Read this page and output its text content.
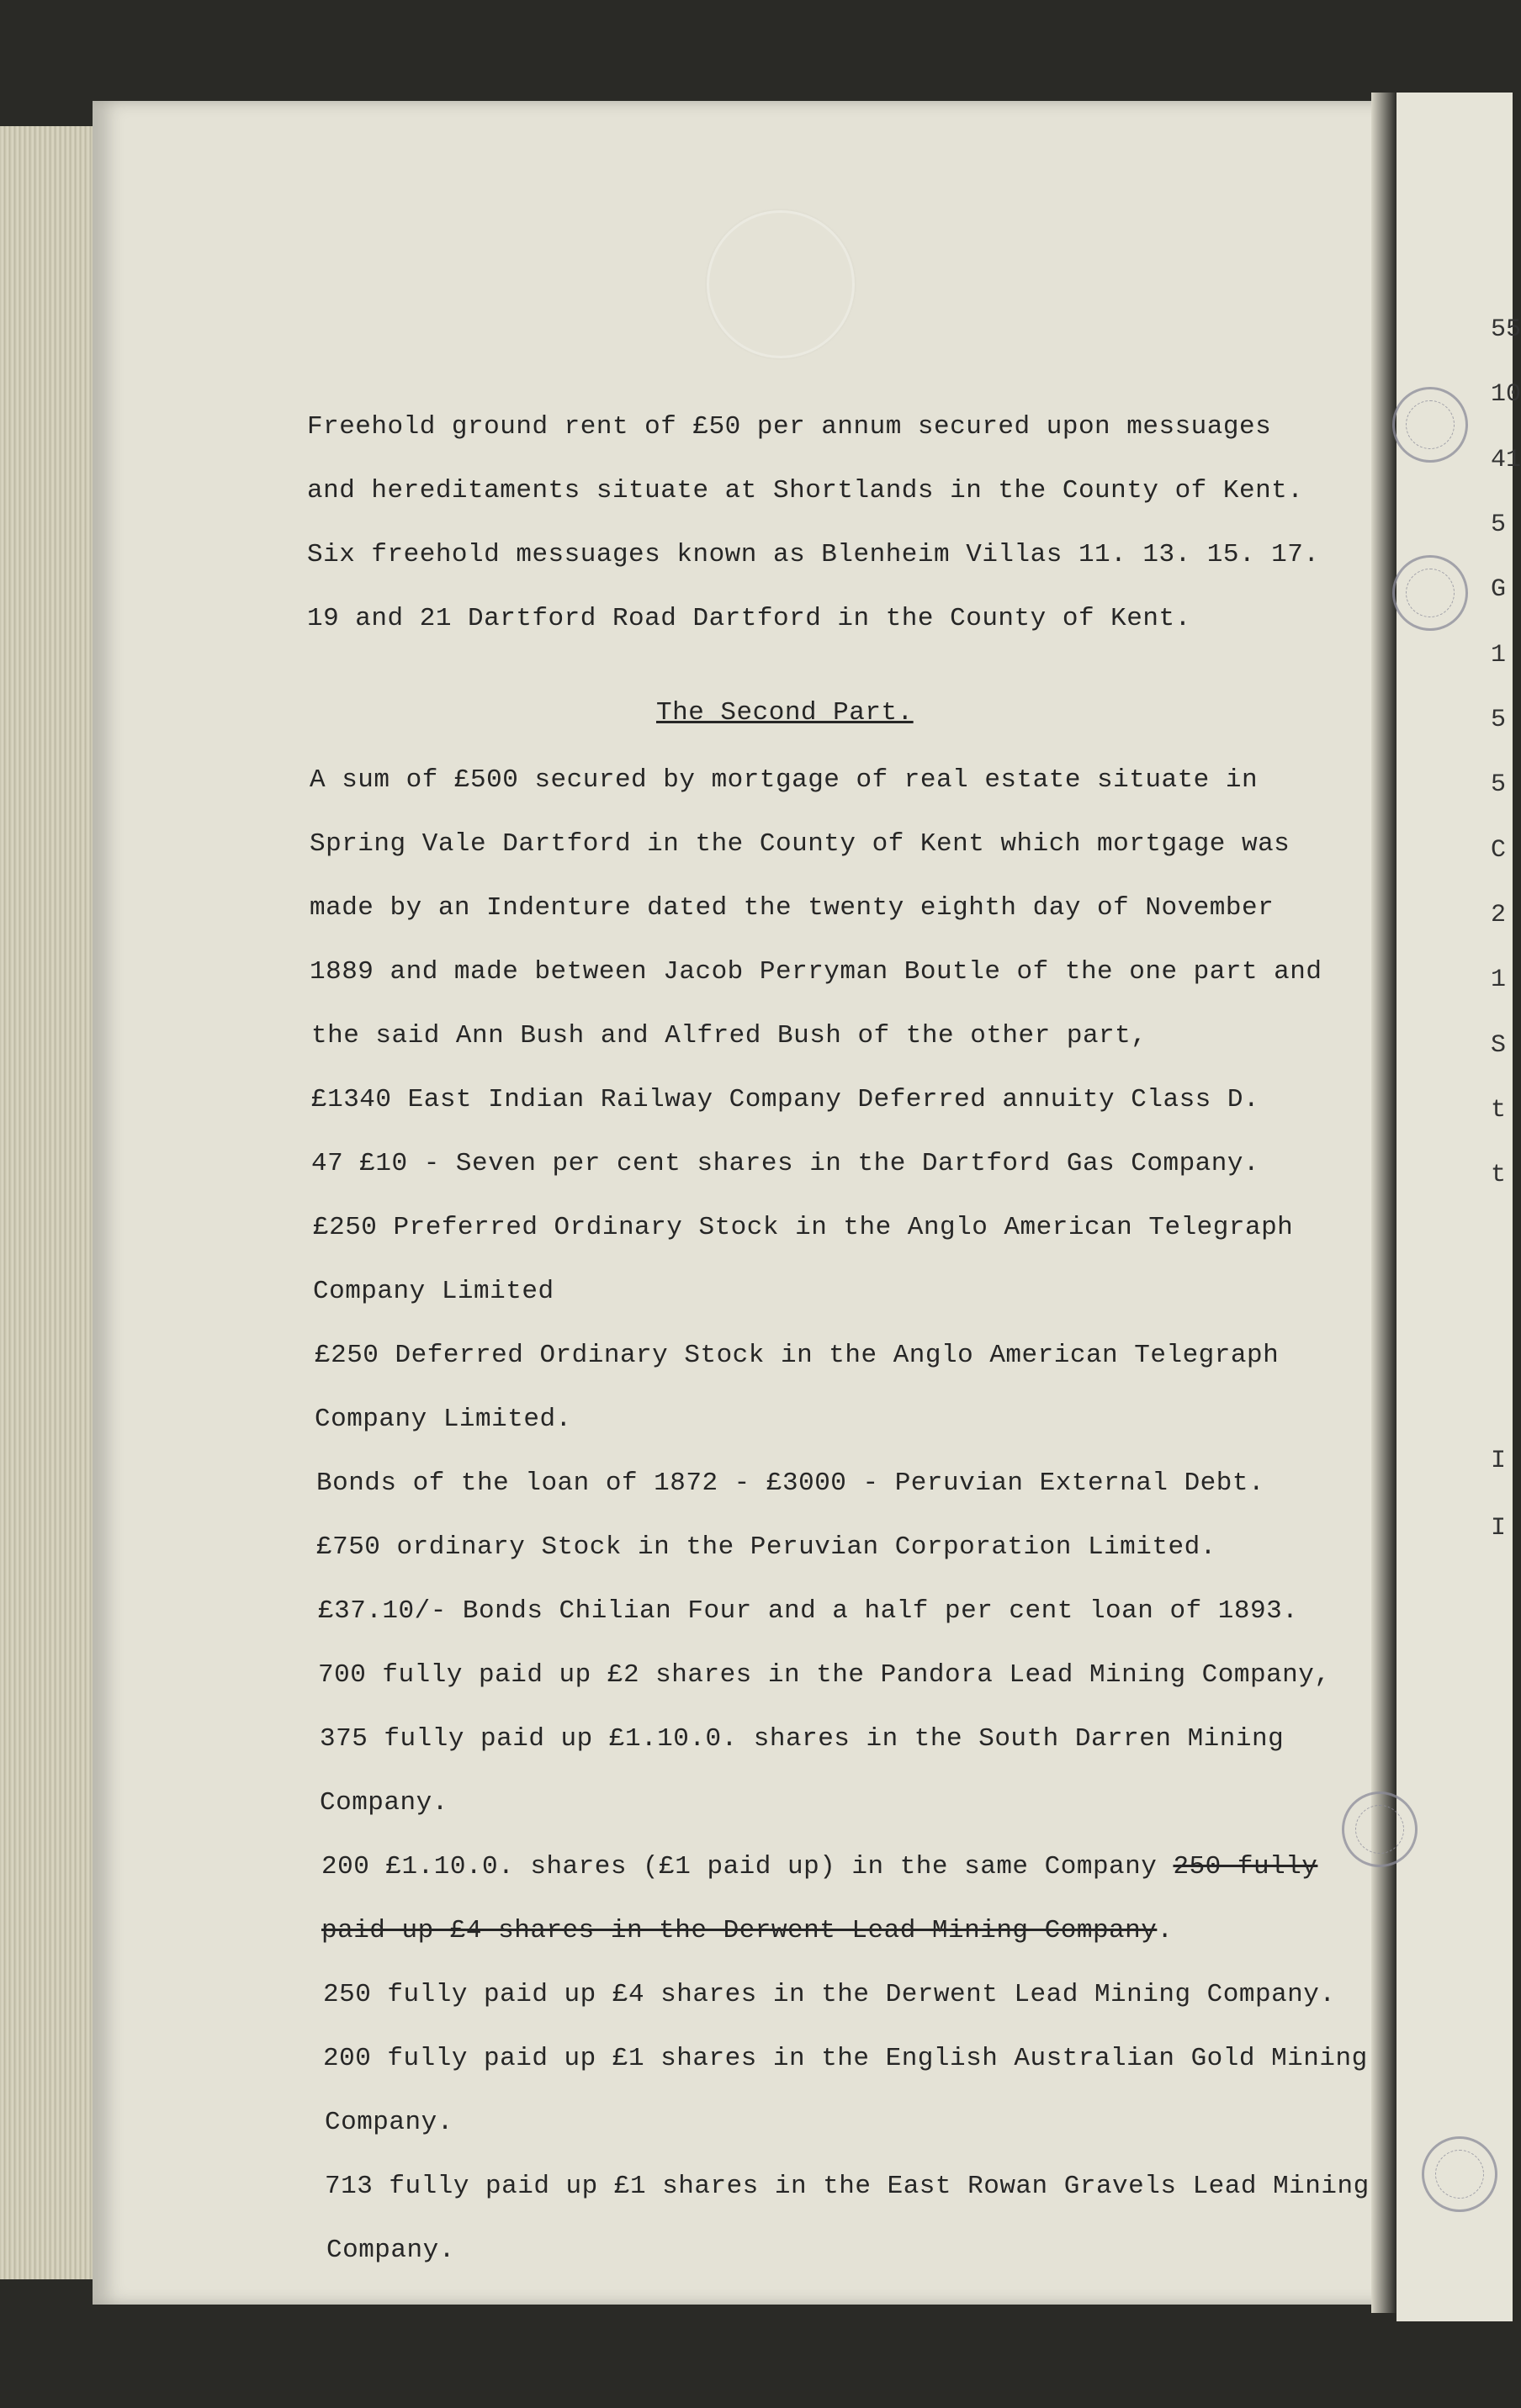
55
10
41
5
G
1
5
5
C
2
1
S
t
t
I
I
Freehold ground rent of £50 per annum secured upon messuages
and hereditaments situate at Shortlands in the County of Kent.
Six freehold messuages known as Blenheim Villas 11. 13. 15. 17.
19 and 21 Dartford Road Dartford in the County of Kent.
The Second Part.
A sum of £500 secured by mortgage of real estate situate in
Spring Vale Dartford in the County of Kent which mortgage was
made by an Indenture dated the twenty eighth day of November
1889 and made between Jacob Perryman Boutle of the one part and
the said Ann Bush and Alfred Bush of the other part,
£1340 East Indian Railway Company Deferred annuity Class D.
47 £10 - Seven per cent shares in the Dartford Gas Company.
£250 Preferred Ordinary Stock in the Anglo American Telegraph
Company Limited
£250 Deferred Ordinary Stock in the Anglo American Telegraph
Company Limited.
Bonds of the loan of 1872 - £3000 - Peruvian External Debt.
£750 ordinary Stock in the Peruvian Corporation Limited.
£37.10/- Bonds Chilian Four and a half per cent loan of 1893.
700 fully paid up £2 shares in the Pandora Lead Mining Company,
375 fully paid up £1.10.0. shares in the South Darren Mining
Company.
200 £1.10.0. shares (£1 paid up) in the same Company 250 fully
paid up £4 shares in the Derwent Lead Mining Company.
250 fully paid up £4 shares in the Derwent Lead Mining Company.
200 fully paid up £1 shares in the English Australian Gold Mining
Company.
713 fully paid up £1 shares in the East Rowan Gravels Lead Mining
Company.
